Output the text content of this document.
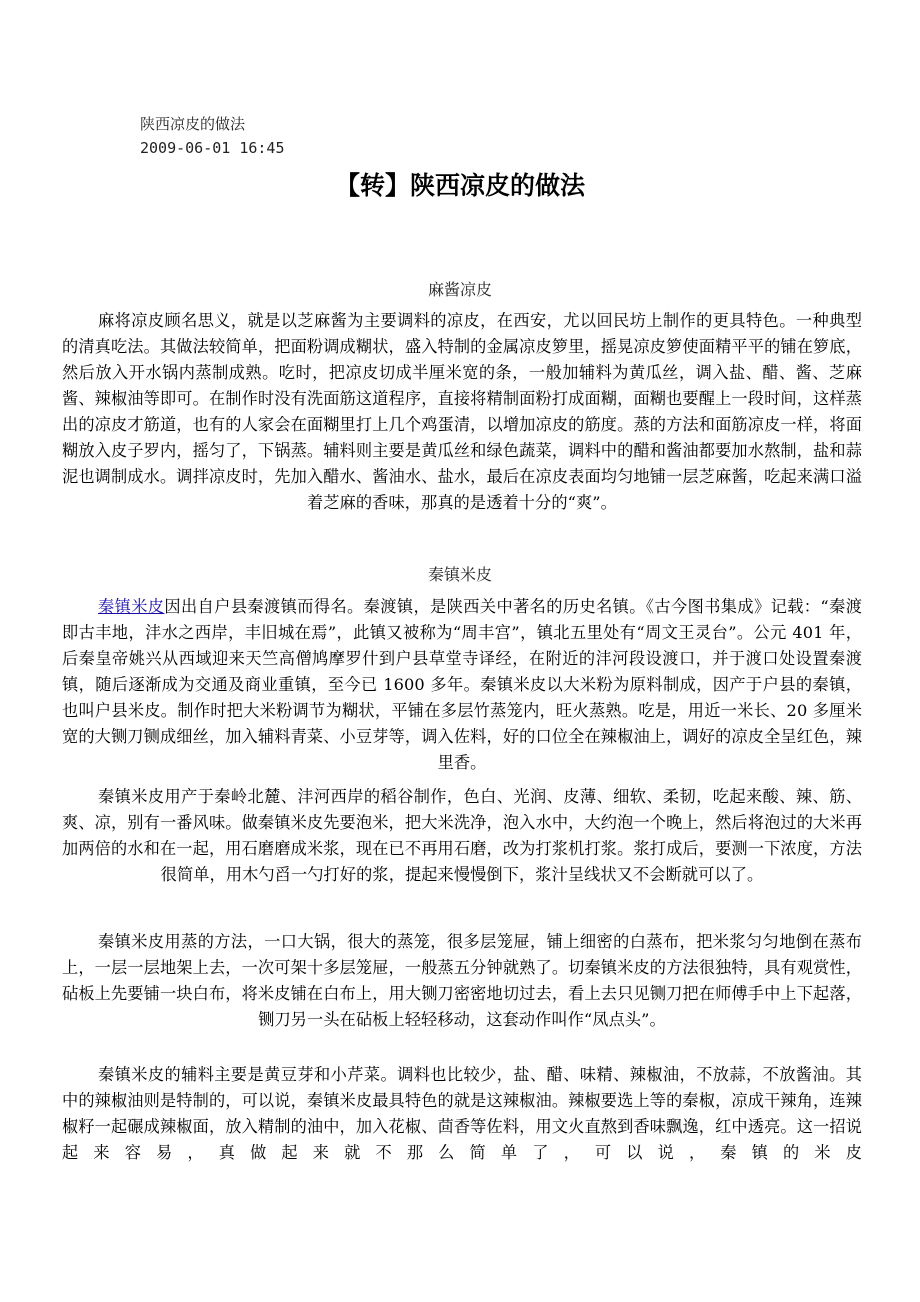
陕西凉皮的做法
2009-06-01 16:45
【转】陕西凉皮的做法
麻酱凉皮

麻将凉皮顾名思义，就是以芝麻酱为主要调料的凉皮，在西安，尤以回民坊上制作的更具特色。一种典型的清真吃法。其做法较简单，把面粉调成糊状，盛入特制的金属凉皮箩里，摇晃凉皮箩使面精平平的铺在箩底，然后放入开水锅内蒸制成熟。吃时，把凉皮切成半厘米宽的条，一般加辅料为黄瓜丝，调入盐、醋、酱、芝麻酱、辣椒油等即可。在制作时没有洗面筋这道程序，直接将精制面粉打成面糊，面糊也要醒上一段时间，这样蒸出的凉皮才筋道，也有的人家会在面糊里打上几个鸡蛋清，以增加凉皮的筋度。蒸的方法和面筋凉皮一样，将面糊放入皮子罗内，摇匀了，下锅蒸。辅料则主要是黄瓜丝和绿色蔬菜，调料中的醋和酱油都要加水熬制，盐和蒜泥也调制成水。调拌凉皮时，先加入醋水、酱油水、盐水，最后在凉皮表面均匀地铺一层芝麻酱，吃起来满口溢着芝麻的香味，那真的是透着十分的“爽”。

秦镇米皮

秦镇米皮因出自户县秦渡镇而得名。秦渡镇，是陕西关中著名的历史名镇。《古今图书集成》记载：“秦渡即古丰地，沣水之西岸，丰旧城在焉”，此镇又被称为“周丰宫”，镇北五里处有“周文王灵台”。公元 401 年，后秦皇帝姚兴从西域迎来天竺高僧鸠摩罗什到户县草堂寺译经，在附近的沣河段设渡口，并于渡口处设置秦渡镇，随后逐渐成为交通及商业重镇，至今已 1600 多年。秦镇米皮以大米粉为原料制成，因产于户县的秦镇，也叫户县米皮。制作时把大米粉调节为糊状，平铺在多层竹蒸笼内，旺火蒸熟。吃是，用近一米长、20 多厘米宽的大铡刀铡成细丝，加入辅料青菜、小豆芽等，调入佐料，好的口位全在辣椒油上，调好的凉皮全呈红色，辣里香。

秦镇米皮用产于秦岭北麓、沣河西岸的稻谷制作，色白、光润、皮薄、细软、柔韧，吃起来酸、辣、筋、爽、凉，别有一番风味。做秦镇米皮先要泡米，把大米洗净，泡入水中，大约泡一个晚上，然后将泡过的大米再加两倍的水和在一起，用石磨磨成米浆，现在已不再用石磨，改为打浆机打浆。浆打成后，要测一下浓度，方法很简单，用木勺舀一勺打好的浆，提起来慢慢倒下，浆汁呈线状又不会断就可以了。

秦镇米皮用蒸的方法，一口大锅，很大的蒸笼，很多层笼屉，铺上细密的白蒸布，把米浆匀匀地倒在蒸布上，一层一层地架上去，一次可架十多层笼屉，一般蒸五分钟就熟了。切秦镇米皮的方法很独特，具有观赏性，砧板上先要铺一块白布，将米皮铺在白布上，用大铡刀密密地切过去，看上去只见铡刀把在师傅手中上下起落，铡刀另一头在砧板上轻轻移动，这套动作叫作“凤点头”。

秦镇米皮的辅料主要是黄豆芽和小芹菜。调料也比较少，盐、醋、味精、辣椒油，不放蒜，不放酱油。其中的辣椒油则是特制的，可以说，秦镇米皮最具特色的就是这辣椒油。辣椒要选上等的秦椒，凉成干辣角，连辣椒籽一起碾成辣椒面，放入精制的油中，加入花椒、茴香等佐料，用文火直熬到香味飘逸，红中透亮。这一招说起来容易，真做起来就不那么简单了，可以说，秦镇的米皮
